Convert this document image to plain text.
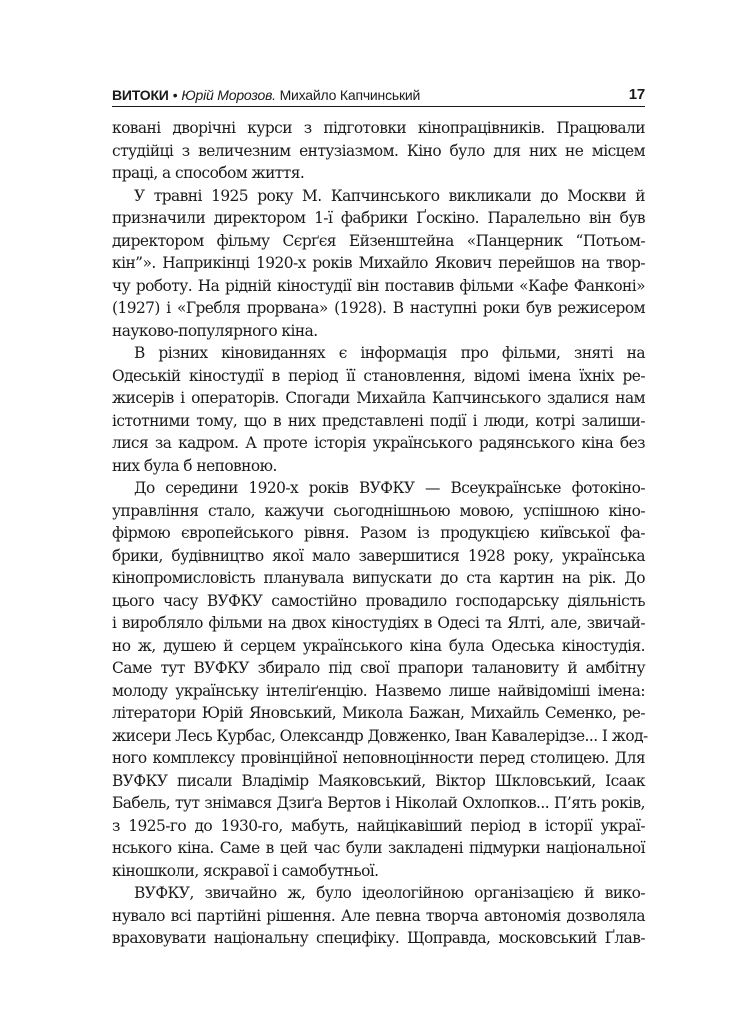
ВИТОКИ • Юрій Морозов. Михайло Капчинський	17
ковані дворічні курси з підготовки кінопрацівників. Працювали
студійці з величезним ентузіазмом. Кіно було для них не місцем
праці, а способом життя.
У травні 1925 року М. Капчинського викликали до Москви й
призначили директором 1-ї фабрики Ґоскіно. Паралельно він був
директором фільму Сєрґєя Ейзенштейна «Панцерник “Потьом-
кін”». Наприкінці 1920-х років Михайло Якович перейшов на твор-
чу роботу. На рідній кіностудії він поставив фільми «Кафе Фанконі»
(1927) і «Гребля прорвана» (1928). В наступні роки був режисером
науково-популярного кіна.
В різних кіновиданнях є інформація про фільми, зняті на
Одеській кіностудії в період її становлення, відомі імена їхніх ре-
жисерів і операторів. Спогади Михайла Капчинського здалися нам
істотними тому, що в них представлені події і люди, котрі залиши-
лися за кадром. А проте історія українського радянського кіна без
них була б неповною.
До середини 1920-х років ВУФКУ — Всеукраїнське фотокіно-
управління стало, кажучи сьогоднішньою мовою, успішною кіно-
фірмою європейського рівня. Разом із продукцією київської фа-
брики, будівництво якої мало завершитися 1928 року, українська
кінопромисловість планувала випускати до ста картин на рік. До
цього часу ВУФКУ самостійно провадило господарську діяльність
і виробляло фільми на двох кіностудіях в Одесі та Ялті, але, звичай-
но ж, душею й серцем українського кіна була Одеська кіностудія.
Саме тут ВУФКУ збирало під свої прапори талановиту й амбітну
молоду українську інтеліґенцію. Назвемо лише найвідоміші імена:
літератори Юрій Яновський, Микола Бажан, Михайль Семенко, ре-
жисери Лесь Курбас, Олександр Довженко, Іван Кавалерідзе... І жод-
ного комплексу провінційної неповноцінности перед столицею. Для
ВУФКУ писали Владімір Маяковський, Віктор Шкловський, Ісаак
Бабель, тут знімався Дзиґа Вертов і Ніколай Охлопков... П’ять років,
з 1925-го до 1930-го, мабуть, найцікавіший період в історії украї-
нського кіна. Саме в цей час були закладені підмурки національної
кіношколи, яскравої і самобутньої.
ВУФКУ, звичайно ж, було ідеологійною організацією й вико-
нувало всі партійні рішення. Але певна творча автономія дозволяла
враховувати національну специфіку. Щоправда, московський Ґлав-
